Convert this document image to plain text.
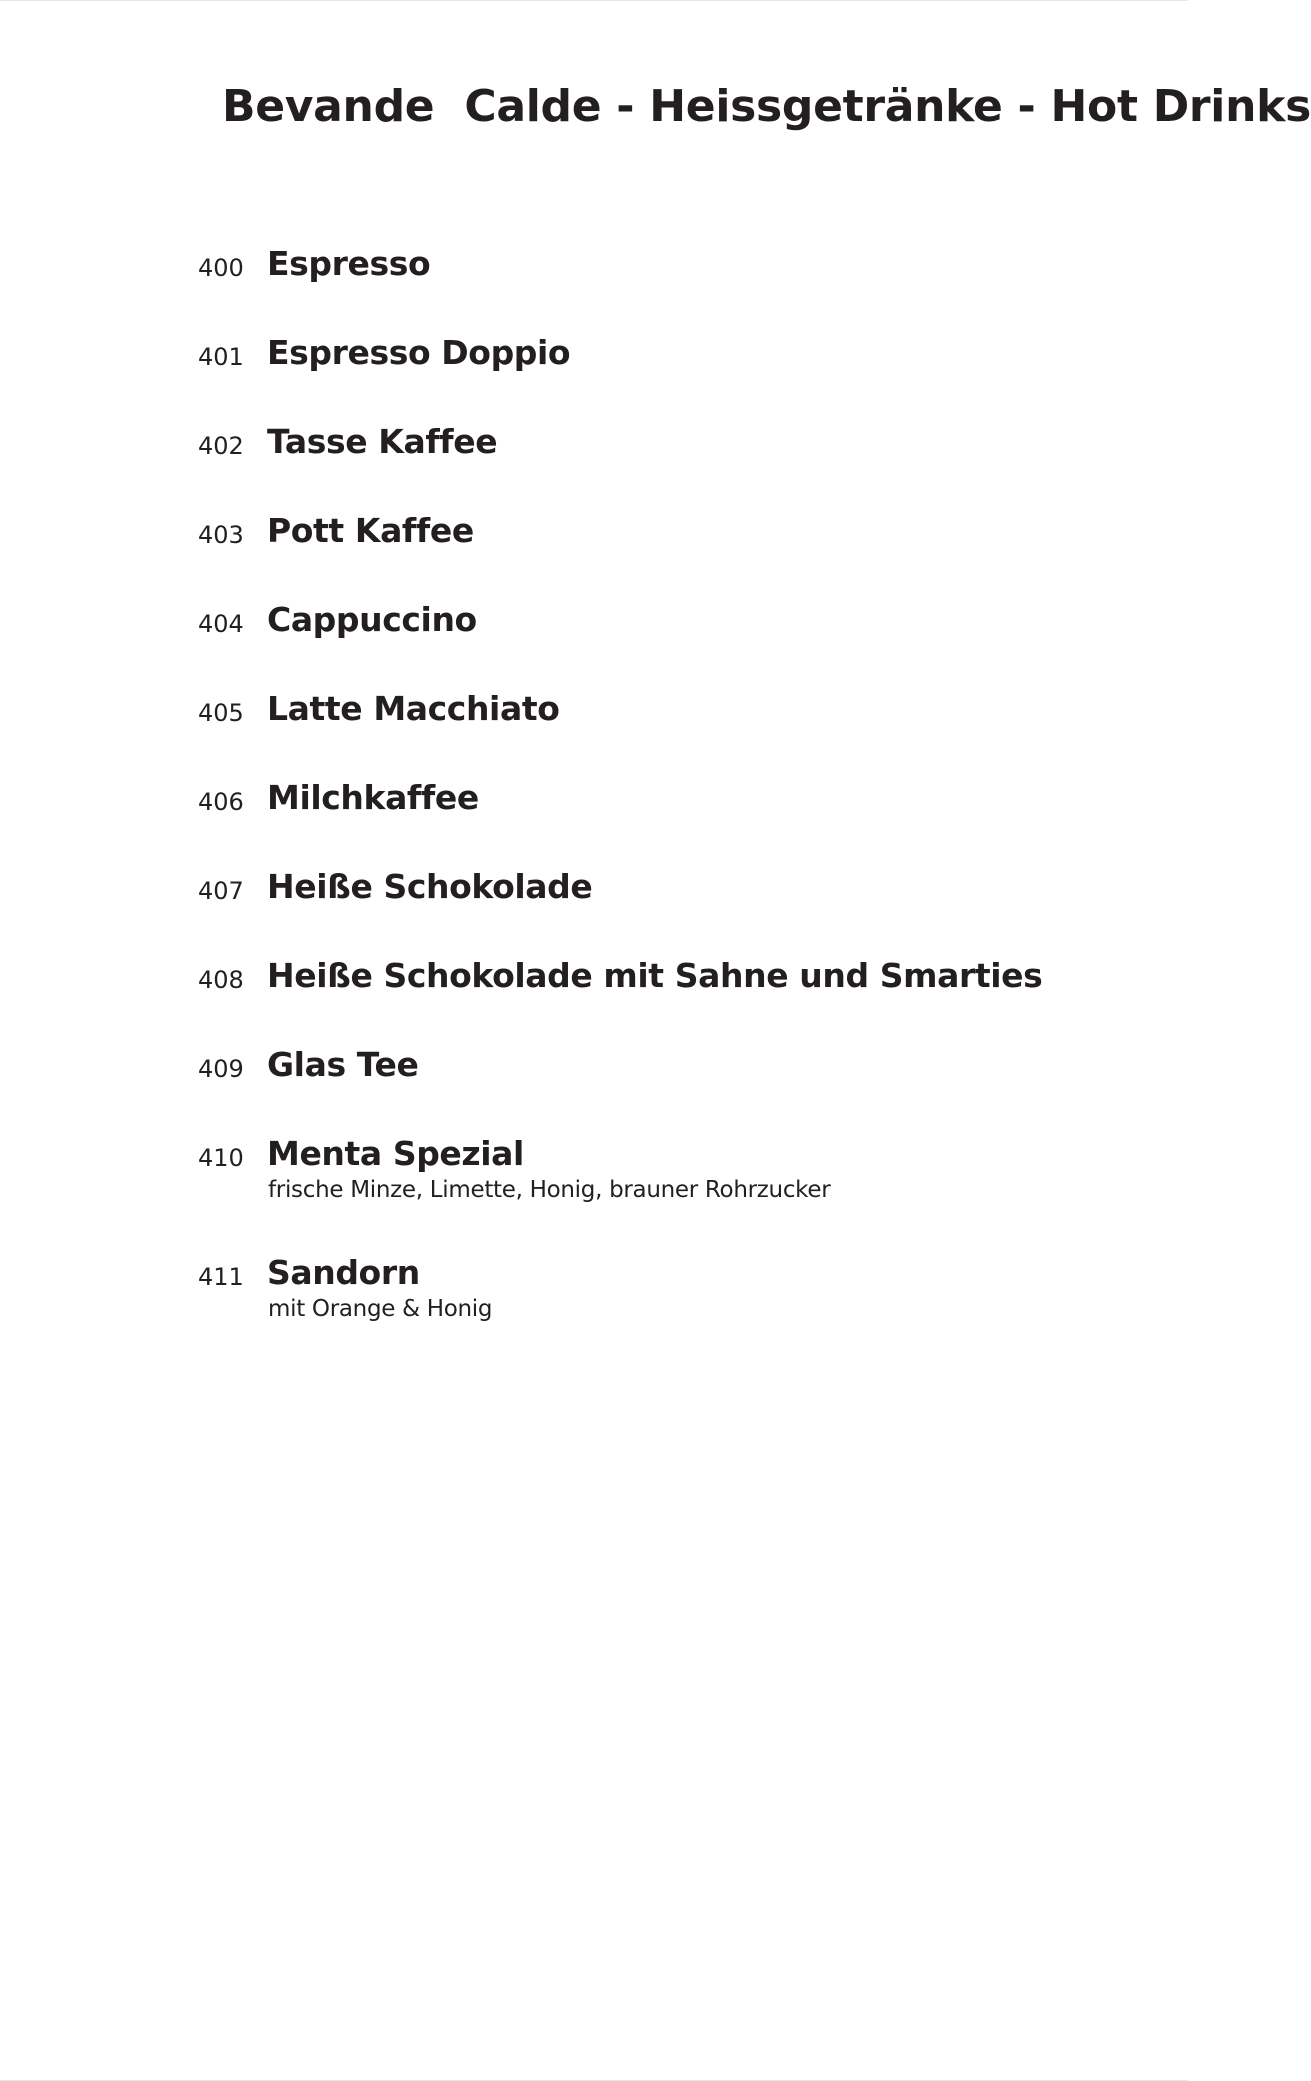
Bevande  Calde - Heissgetränke - Hot Drinks
400 Espresso
401 Espresso Doppio
402 Tasse Kaffee
403 Pott Kaffee
404 Cappuccino
405 Latte Macchiato
406 Milchkaffee
407 Heiße Schokolade
408 Heiße Schokolade mit Sahne und Smarties
409 Glas Tee
410 Menta Spezial
frische Minze, Limette, Honig, brauner Rohrzucker
411 Sandorn
mit Orange & Honig
